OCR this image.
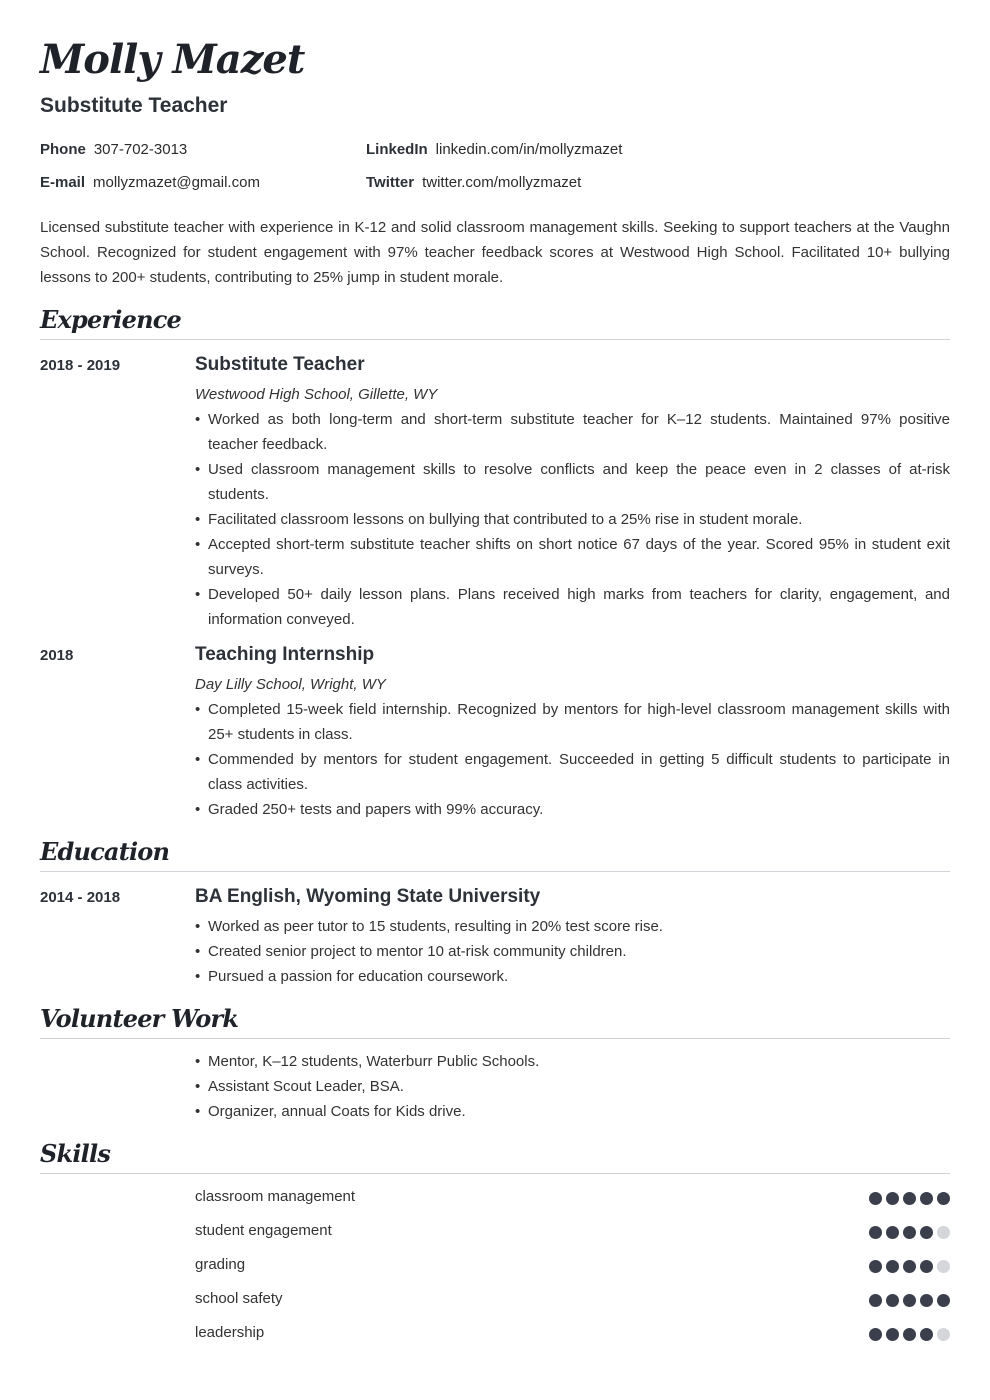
Molly Mazet
Substitute Teacher
Phone 307-702-3013
E-mail mollyzmazet@gmail.com
LinkedIn linkedin.com/in/mollyzmazet
Twitter twitter.com/mollyzmazet

Licensed substitute teacher with experience in K-12 and solid classroom management skills. Seeking to support teachers at the Vaughn School. Recognized for student engagement with 97% teacher feedback scores at Westwood High School. Facilitated 10+ bullying lessons to 200+ students, contributing to 25% jump in student morale.

Experience
2018 - 2019	Substitute Teacher
Westwood High School, Gillette, WY
• Worked as both long-term and short-term substitute teacher for K–12 students. Maintained 97% positive teacher feedback.
• Used classroom management skills to resolve conflicts and keep the peace even in 2 classes of at-risk students.
• Facilitated classroom lessons on bullying that contributed to a 25% rise in student morale.
• Accepted short-term substitute teacher shifts on short notice 67 days of the year. Scored 95% in student exit surveys.
• Developed 50+ daily lesson plans. Plans received high marks from teachers for clarity, engagement, and information conveyed.
2018	Teaching Internship
Day Lilly School, Wright, WY
• Completed 15-week field internship. Recognized by mentors for high-level classroom management skills with 25+ students in class.
• Commended by mentors for student engagement. Succeeded in getting 5 difficult students to participate in class activities.
• Graded 250+ tests and papers with 99% accuracy.
Education
2014 - 2018	BA English, Wyoming State University
• Worked as peer tutor to 15 students, resulting in 20% test score rise.
• Created senior project to mentor 10 at-risk community children.
• Pursued a passion for education coursework.
Volunteer Work
• Mentor, K–12 students, Waterburr Public Schools.
• Assistant Scout Leader, BSA.
• Organizer, annual Coats for Kids drive.
Skills
classroom management
student engagement
grading
school safety
leadership
